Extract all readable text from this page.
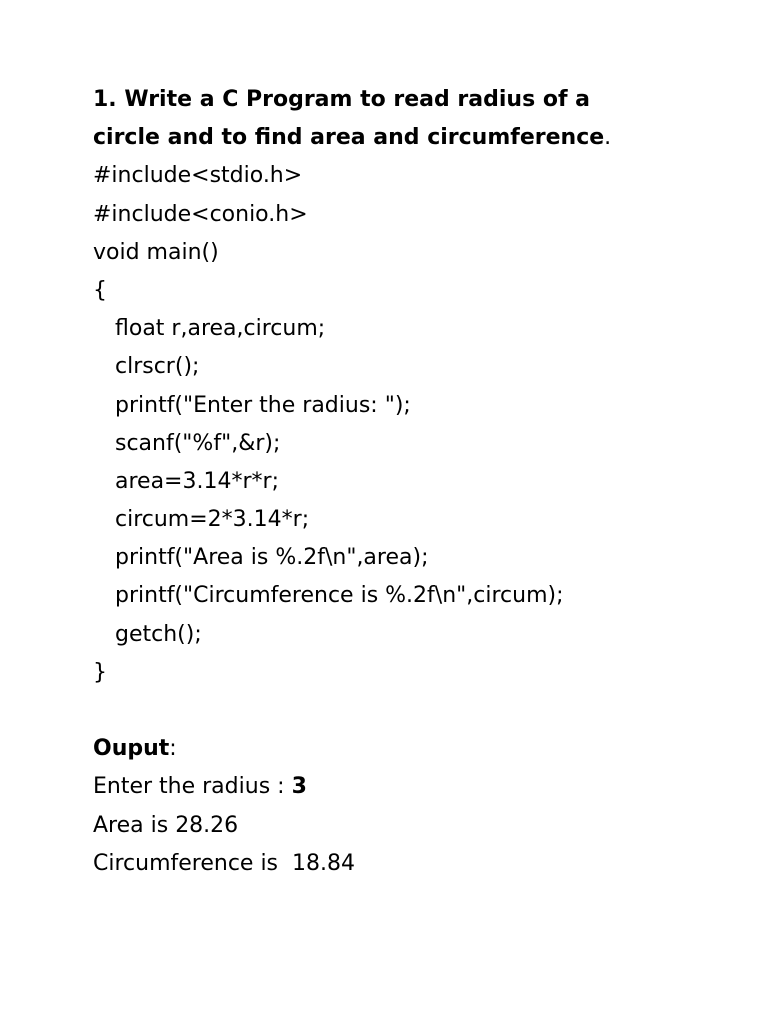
1. Write a C Program to read radius of a
circle and to find area and circumference.
#include<stdio.h>
#include<conio.h>
void main()
{
float r,area,circum;
clrscr();
printf("Enter the radius: ");
scanf("%f",&r);
area=3.14*r*r;
circum=2*3.14*r;
printf("Area is %.2f\n",area);
printf("Circumference is %.2f\n",circum);
getch();
}
Ouput:
Enter the radius : 3
Area is 28.26
Circumference is  18.84
